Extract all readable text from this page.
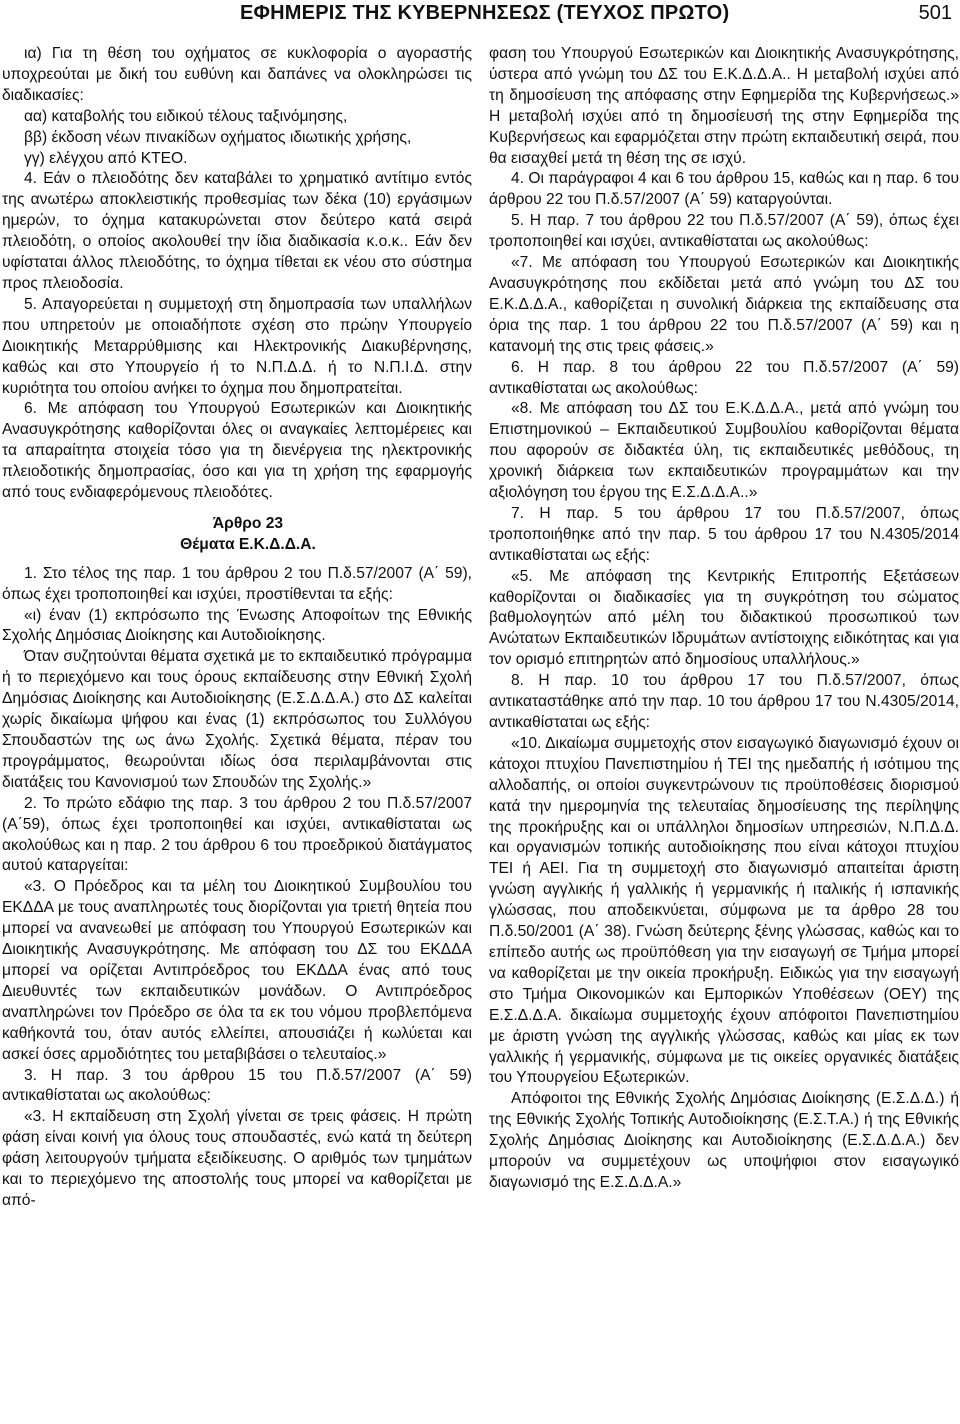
ΕΦΗΜΕΡΙΣ ΤΗΣ ΚΥΒΕΡΝΗΣΕΩΣ (ΤΕΥΧΟΣ ΠΡΩΤΟ)	501

ια) Για τη θέση του οχήματος σε κυκλοφορία ο αγοραστής υποχρεούται με δική του ευθύνη και δαπάνες να ολοκληρώσει τις διαδικασίες:

αα) καταβολής του ειδικού τέλους ταξινόμησης,

ββ) έκδοση νέων πινακίδων οχήματος ιδιωτικής χρήσης,

γγ) ελέγχου από ΚΤΕΟ.

4. Εάν ο πλειοδότης δεν καταβάλει το χρηματικό αντίτιμο εντός της ανωτέρω αποκλειστικής προθεσμίας των δέκα (10) εργάσιμων ημερών, το όχημα κατακυρώνεται στον δεύτερο κατά σειρά πλειοδότη, ο οποίος ακολουθεί την ίδια διαδικασία κ.ο.κ.. Εάν δεν υφίσταται άλλος πλειοδότης, το όχημα τίθεται εκ νέου στο σύστημα προς πλειοδοσία.

5. Απαγορεύεται η συμμετοχή στη δημοπρασία των υπαλλήλων που υπηρετούν με οποιαδήποτε σχέση στο πρώην Υπουργείο Διοικητικής Μεταρρύθμισης και Ηλεκτρονικής Διακυβέρνησης, καθώς και στο Υπουργείο ή το Ν.Π.Δ.Δ. ή το Ν.Π.Ι.Δ. στην κυριότητα του οποίου ανήκει το όχημα που δημοπρατείται.

6. Με απόφαση του Υπουργού Εσωτερικών και Διοικητικής Ανασυγκρότησης καθορίζονται όλες οι αναγκαίες λεπτομέρειες και τα απαραίτητα στοιχεία τόσο για τη διενέργεια της ηλεκτρονικής πλειοδοτικής δημοπρασίας, όσο και για τη χρήση της εφαρμογής από τους ενδιαφερόμενους πλειοδότες.

Άρθρο 23

Θέματα Ε.Κ.Δ.Δ.Α.

1. Στο τέλος της παρ. 1 του άρθρου 2 του Π.δ.57/2007 (Α΄ 59), όπως έχει τροποποιηθεί και ισχύει, προστίθενται τα εξής:

«ι) έναν (1) εκπρόσωπο της Ένωσης Αποφοίτων της Εθνικής Σχολής Δημόσιας Διοίκησης και Αυτοδιοίκησης.

Όταν συζητούνται θέματα σχετικά με το εκπαιδευτικό πρόγραμμα ή το περιεχόμενο και τους όρους εκπαίδευσης στην Εθνική Σχολή Δημόσιας Διοίκησης και Αυτοδιοίκησης (Ε.Σ.Δ.Δ.Α.) στο ΔΣ καλείται χωρίς δικαίωμα ψήφου και ένας (1) εκπρόσωπος του Συλλόγου Σπουδαστών της ως άνω Σχολής. Σχετικά θέματα, πέραν του προγράμματος, θεωρούνται ιδίως όσα περιλαμβάνονται στις διατάξεις του Κανονισμού των Σπουδών της Σχολής.»

2. Το πρώτο εδάφιο της παρ. 3 του άρθρου 2 του Π.δ.57/2007 (Α΄59), όπως έχει τροποποιηθεί και ισχύει, αντικαθίσταται ως ακολούθως και η παρ. 2 του άρθρου 6 του προεδρικού διατάγματος αυτού καταργείται:

«3. Ο Πρόεδρος και τα μέλη του Διοικητικού Συμβουλίου του ΕΚΔΔΑ με τους αναπληρωτές τους διορίζονται για τριετή θητεία που μπορεί να ανανεωθεί με απόφαση του Υπουργού Εσωτερικών και Διοικητικής Ανασυγκρότησης. Με απόφαση του ΔΣ του ΕΚΔΔΑ μπορεί να ορίζεται Αντιπρόεδρος του ΕΚΔΔΑ ένας από τους Διευθυντές των εκπαιδευτικών μονάδων. Ο Αντιπρόεδρος αναπληρώνει τον Πρόεδρο σε όλα τα εκ του νόμου προβλεπόμενα καθήκοντά του, όταν αυτός ελλείπει, απουσιάζει ή κωλύεται και ασκεί όσες αρμοδιότητες του μεταβιβάσει ο τελευταίος.»

3. Η παρ. 3 του άρθρου 15 του Π.δ.57/2007 (Α΄ 59) αντικαθίσταται ως ακολούθως:

«3. Η εκπαίδευση στη Σχολή γίνεται σε τρεις φάσεις. Η πρώτη φάση είναι κοινή για όλους τους σπουδαστές, ενώ κατά τη δεύτερη φάση λειτουργούν τμήματα εξειδίκευσης. Ο αριθμός των τμημάτων και το περιεχόμενο της αποστολής τους μπορεί να καθορίζεται με από-

φαση του Υπουργού Εσωτερικών και Διοικητικής Ανασυγκρότησης, ύστερα από γνώμη του ΔΣ του Ε.Κ.Δ.Δ.Α.. Η μεταβολή ισχύει από τη δημοσίευση της απόφασης στην Εφημερίδα της Κυβερνήσεως.» Η μεταβολή ισχύει από τη δημοσίευσή της στην Εφημερίδα της Κυβερνήσεως και εφαρμόζεται στην πρώτη εκπαιδευτική σειρά, που θα εισαχθεί μετά τη θέση της σε ισχύ.

4. Οι παράγραφοι 4 και 6 του άρθρου 15, καθώς και η παρ. 6 του άρθρου 22 του Π.δ.57/2007 (Α΄ 59) καταργούνται.

5. Η παρ. 7 του άρθρου 22 του Π.δ.57/2007 (Α΄ 59), όπως έχει τροποποιηθεί και ισχύει, αντικαθίσταται ως ακολούθως:

«7. Με απόφαση του Υπουργού Εσωτερικών και Διοικητικής Ανασυγκρότησης που εκδίδεται μετά από γνώμη του ΔΣ του Ε.Κ.Δ.Δ.Α., καθορίζεται η συνολική διάρκεια της εκπαίδευσης στα όρια της παρ. 1 του άρθρου 22 του Π.δ.57/2007 (Α΄ 59) και η κατανομή της στις τρεις φάσεις.»

6. Η παρ. 8 του άρθρου 22 του Π.δ.57/2007 (Α΄ 59) αντικαθίσταται ως ακολούθως:

«8. Με απόφαση του ΔΣ του Ε.Κ.Δ.Δ.Α., μετά από γνώμη του Επιστημονικού – Εκπαιδευτικού Συμβουλίου καθορίζονται θέματα που αφορούν σε διδακτέα ύλη, τις εκπαιδευτικές μεθόδους, τη χρονική διάρκεια των εκπαιδευτικών προγραμμάτων και την αξιολόγηση του έργου της Ε.Σ.Δ.Δ.Α..»

7. Η παρ. 5 του άρθρου 17 του Π.δ.57/2007, όπως τροποποιήθηκε από την παρ. 5 του άρθρου 17 του Ν.4305/2014 αντικαθίσταται ως εξής:

«5. Με απόφαση της Κεντρικής Επιτροπής Εξετάσεων καθορίζονται οι διαδικασίες για τη συγκρότηση του σώματος βαθμολογητών από μέλη του διδακτικού προσωπικού των Ανώτατων Εκπαιδευτικών Ιδρυμάτων αντίστοιχης ειδικότητας και για τον ορισμό επιτηρητών από δημοσίους υπαλλήλους.»

8. Η παρ. 10 του άρθρου 17 του Π.δ.57/2007, όπως αντικαταστάθηκε από την παρ. 10 του άρθρου 17 του Ν.4305/2014, αντικαθίσταται ως εξής:

«10. Δικαίωμα συμμετοχής στον εισαγωγικό διαγωνισμό έχουν οι κάτοχοι πτυχίου Πανεπιστημίου ή ΤΕΙ της ημεδαπής ή ισότιμου της αλλοδαπής, οι οποίοι συγκεντρώνουν τις προϋποθέσεις διορισμού κατά την ημερομηνία της τελευταίας δημοσίευσης της περίληψης της προκήρυξης και οι υπάλληλοι δημοσίων υπηρεσιών, Ν.Π.Δ.Δ. και οργανισμών τοπικής αυτοδιοίκησης που είναι κάτοχοι πτυχίου ΤΕΙ ή ΑΕΙ. Για τη συμμετοχή στο διαγωνισμό απαιτείται άριστη γνώση αγγλικής ή γαλλικής ή γερμανικής ή ιταλικής ή ισπανικής γλώσσας, που αποδεικνύεται, σύμφωνα με τα άρθρο 28 του Π.δ.50/2001 (Α΄ 38). Γνώση δεύτερης ξένης γλώσσας, καθώς και το επίπεδο αυτής ως προϋπόθεση για την εισαγωγή σε Τμήμα μπορεί να καθορίζεται με την οικεία προκήρυξη. Ειδικώς για την εισαγωγή στο Τμήμα Οικονομικών και Εμπορικών Υποθέσεων (ΟΕΥ) της Ε.Σ.Δ.Δ.Α. δικαίωμα συμμετοχής έχουν απόφοιτοι Πανεπιστημίου με άριστη γνώση της αγγλικής γλώσσας, καθώς και μίας εκ των γαλλικής ή γερμανικής, σύμφωνα με τις οικείες οργανικές διατάξεις του Υπουργείου Εξωτερικών.

Απόφοιτοι της Εθνικής Σχολής Δημόσιας Διοίκησης (Ε.Σ.Δ.Δ.) ή της Εθνικής Σχολής Τοπικής Αυτοδιοίκησης (Ε.Σ.Τ.Α.) ή της Εθνικής Σχολής Δημόσιας Διοίκησης και Αυτοδιοίκησης (Ε.Σ.Δ.Δ.Α.) δεν μπορούν να συμμετέχουν ως υποψήφιοι στον εισαγωγικό διαγωνισμό της Ε.Σ.Δ.Δ.Α.»
